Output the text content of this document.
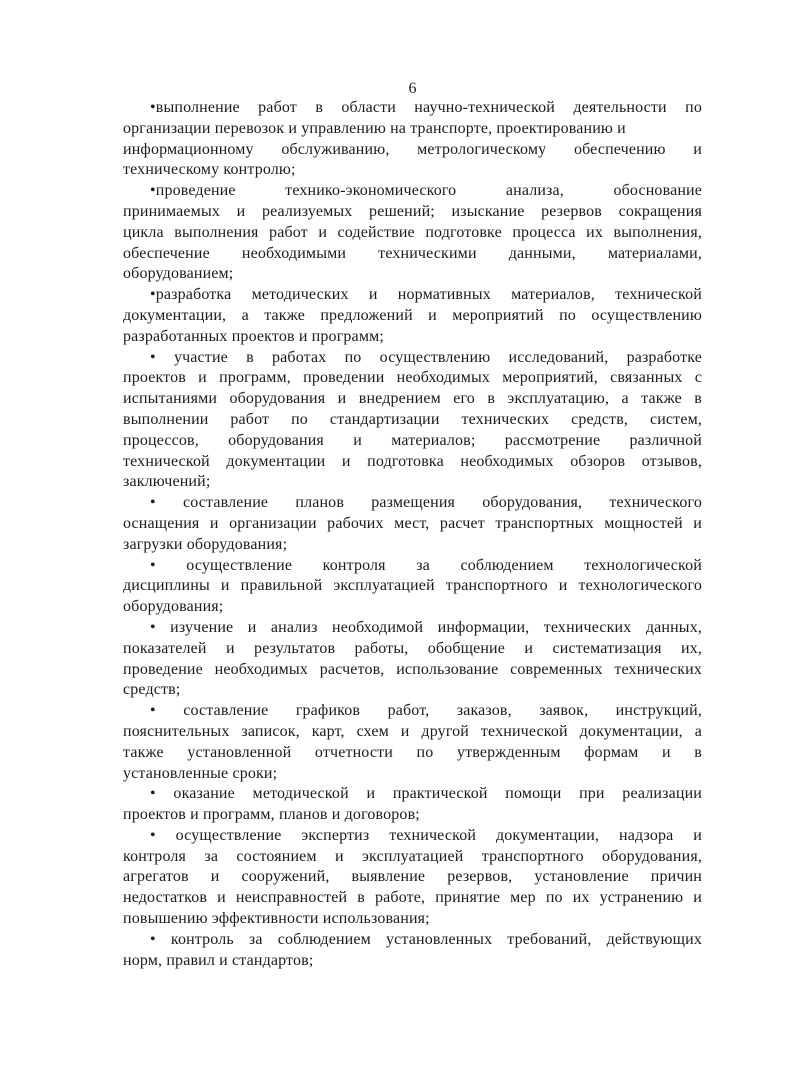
6

•выполнение работ в области научно-технической деятельности по
организации перевозок и управлению на транспорте, проектированию и
информационному обслуживанию, метрологическому обеспечению и
техническому контролю;

•проведение технико-экономического анализа, обоснование
принимаемых и реализуемых решений; изыскание резервов сокращения
цикла выполнения работ и содействие подготовке процесса их выполнения,
обеспечение необходимыми техническими данными, материалами,
оборудованием;

•разработка методических и нормативных материалов, технической
документации, а также предложений и мероприятий по осуществлению
разработанных проектов и программ;

• участие в работах по осуществлению исследований, разработке
проектов и программ, проведении необходимых мероприятий, связанных с
испытаниями оборудования и внедрением его в эксплуатацию, а также в
выполнении работ по стандартизации технических средств, систем,
процессов, оборудования и материалов; рассмотрение различной
технической документации и подготовка необходимых обзоров отзывов,
заключений;

• составление планов размещения оборудования, технического
оснащения и организации рабочих мест, расчет транспортных мощностей и
загрузки оборудования;

• осуществление контроля за соблюдением технологической
дисциплины и правильной эксплуатацией транспортного и технологического
оборудования;

• изучение и анализ необходимой информации, технических данных,
показателей и результатов работы, обобщение и систематизация их,
проведение необходимых расчетов, использование современных технических
средств;

• составление графиков работ, заказов, заявок, инструкций,
пояснительных записок, карт, схем и другой технической документации, а
также установленной отчетности по утвержденным формам и в
установленные сроки;

• оказание методической и практической помощи при реализации
проектов и программ, планов и договоров;

• осуществление экспертиз технической документации, надзора и
контроля за состоянием и эксплуатацией транспортного оборудования,
агрегатов и сооружений, выявление резервов, установление причин
недостатков и неисправностей в работе, принятие мер по их устранению и
повышению эффективности использования;

• контроль за соблюдением установленных требований, действующих
норм, правил и стандартов;
